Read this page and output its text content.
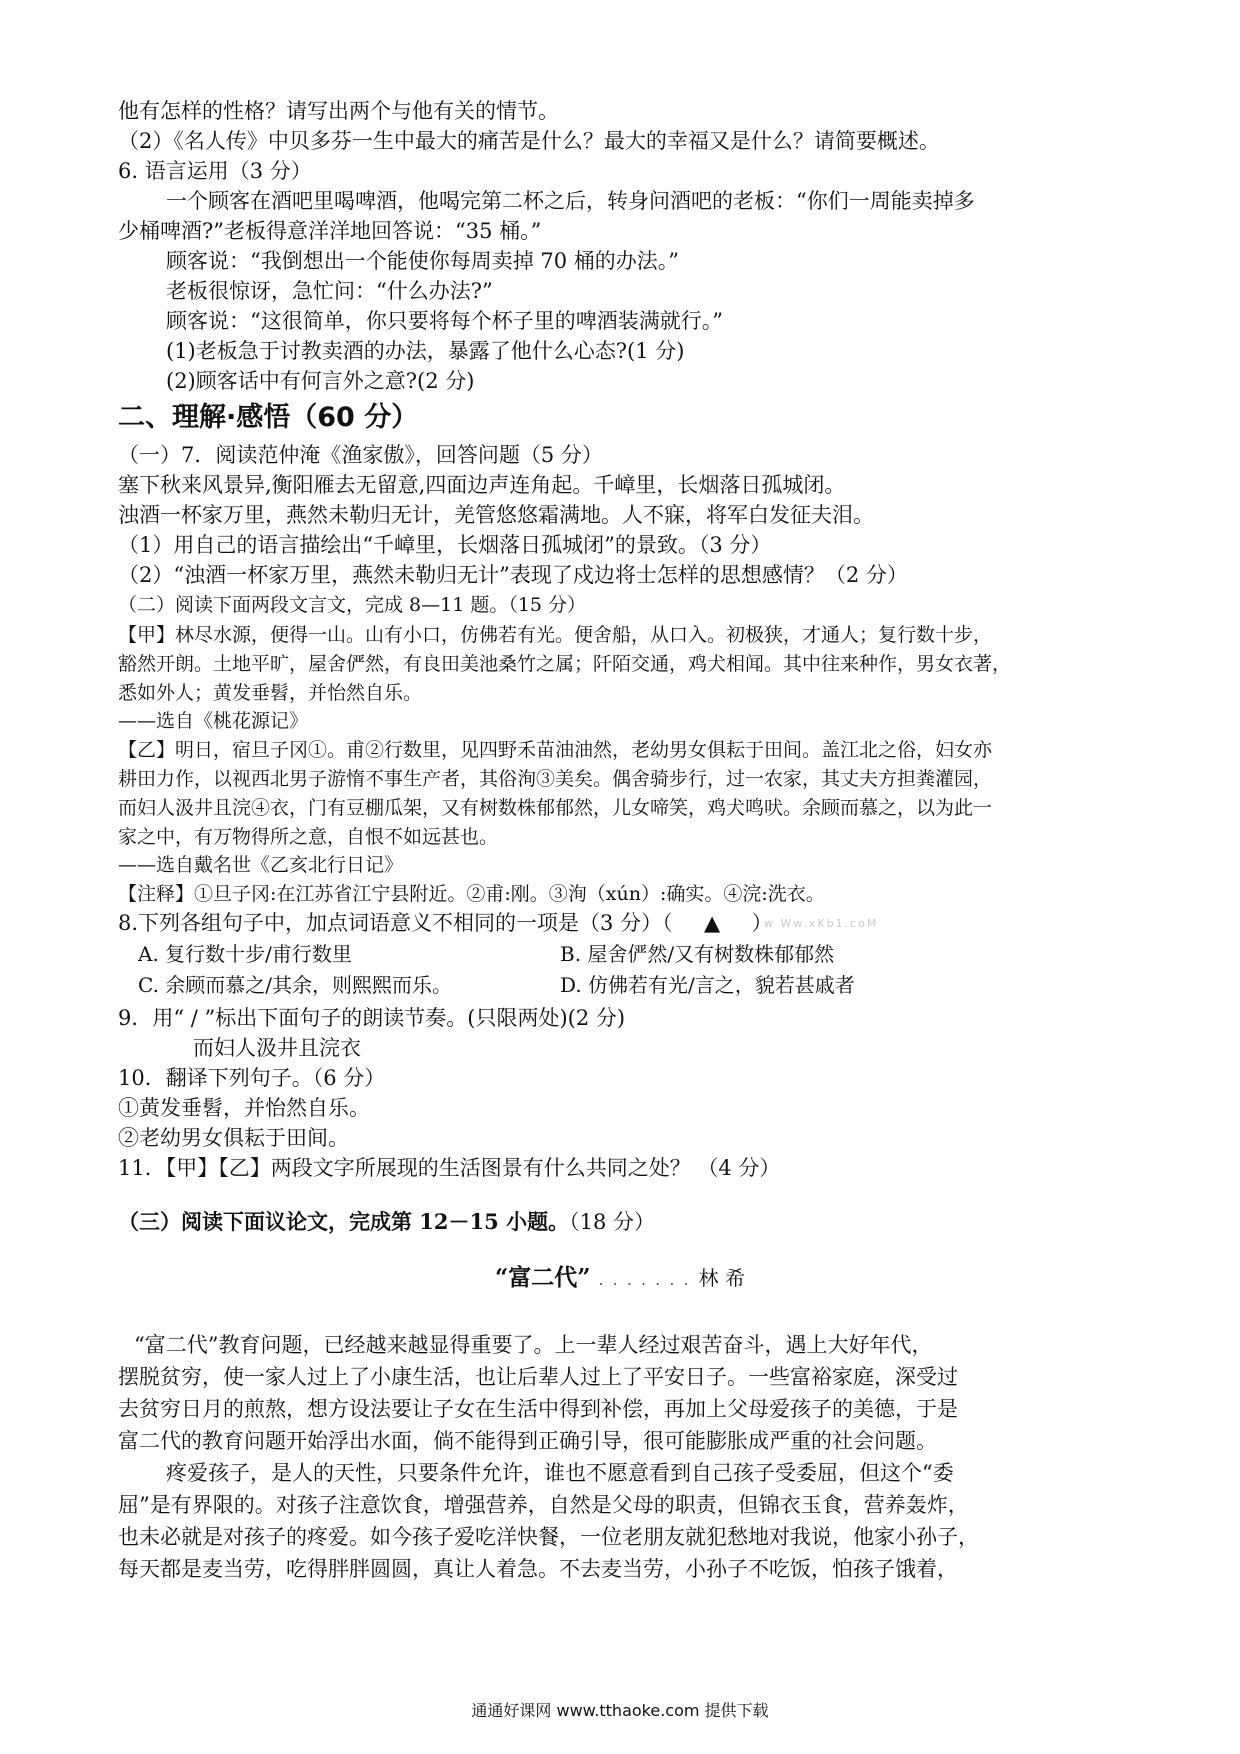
他有怎样的性格？请写出两个与他有关的情节。
（2）《名人传》中贝多芬一生中最大的痛苦是什么？最大的幸福又是什么？请简要概述。
6. 语言运用（3 分）
一个顾客在酒吧里喝啤酒，他喝完第二杯之后，转身问酒吧的老板：“你们一周能卖掉多
少桶啤酒?”老板得意洋洋地回答说：“35 桶。”
顾客说：“我倒想出一个能使你每周卖掉 70 桶的办法。”
老板很惊讶，急忙问：“什么办法?”
顾客说：“这很简单，你只要将每个杯子里的啤酒装满就行。”
(1)老板急于讨教卖酒的办法，暴露了他什么心态?(1 分)
(2)顾客话中有何言外之意?(2 分)
二、理解·感悟（60 分）
（一）7．阅读范仲淹《渔家傲》，回答问题（5 分）
塞下秋来风景异,衡阳雁去无留意,四面边声连角起。千嶂里，长烟落日孤城闭。
浊酒一杯家万里，燕然未勒归无计，羌管悠悠霜满地。人不寐，将军白发征夫泪。
（1）用自己的语言描绘出“千嶂里，长烟落日孤城闭”的景致。（3 分）
（2）“浊酒一杯家万里，燕然未勒归无计”表现了戍边将士怎样的思想感情？（2 分）
（二）阅读下面两段文言文，完成 8—11 题。（15 分）
【甲】林尽水源，便得一山。山有小口，仿佛若有光。便舍船，从口入。初极狭，才通人；复行数十步，
豁然开朗。土地平旷，屋舍俨然，有良田美池桑竹之属；阡陌交通，鸡犬相闻。其中往来种作，男女衣著，
悉如外人；黄发垂髫，并怡然自乐。
——选自《桃花源记》
【乙】明日，宿旦子冈①。甫②行数里，见四野禾苗油油然，老幼男女俱耘于田间。盖江北之俗，妇女亦
耕田力作，以视西北男子游惰不事生产者，其俗洵③美矣。偶舍骑步行，过一农家，其丈夫方担粪灌园，
而妇人汲井且浣④衣，门有豆棚瓜架，又有树数株郁郁然，儿女啼笑，鸡犬鸣吠。余顾而慕之，以为此一
家之中，有万物得所之意，自恨不如远甚也。
——选自戴名世《乙亥北行日记》
【注释】①旦子冈:在江苏省江宁县附近。②甫:刚。③洵（xún）:确实。④浣:洗衣。
8.下列各组句子中，加点词语意义不相同的一项是（3 分）（ ▲ ）
w Ww.xKb1.coM
A. 复行数十步/甫行数里	B. 屋舍俨然/又有树数株郁郁然
C. 余顾而慕之/其余，则熙熙而乐。	D. 仿佛若有光/言之，貌若甚戚者
9．用“ / ”标出下面句子的朗读节奏。(只限两处)(2 分)
而妇人汲井且浣衣
10．翻译下列句子。（6 分）
①黄发垂髫，并怡然自乐。
②老幼男女俱耘于田间。
11．【甲】【乙】两段文字所展现的生活图景有什么共同之处？ （4 分）
（三）阅读下面议论文，完成第 12－15 小题。（18 分）
“富二代” . . . . . . . 林 希
“富二代”教育问题，已经越来越显得重要了。上一辈人经过艰苦奋斗，遇上大好年代，
摆脱贫穷，使一家人过上了小康生活，也让后辈人过上了平安日子。一些富裕家庭，深受过
去贫穷日月的煎熬，想方设法要让子女在生活中得到补偿，再加上父母爱孩子的美德，于是
富二代的教育问题开始浮出水面，倘不能得到正确引导，很可能膨胀成严重的社会问题。
疼爱孩子，是人的天性，只要条件允许，谁也不愿意看到自己孩子受委屈，但这个“委
屈”是有界限的。对孩子注意饮食，增强营养，自然是父母的职责，但锦衣玉食，营养轰炸，
也未必就是对孩子的疼爱。如今孩子爱吃洋快餐，一位老朋友就犯愁地对我说，他家小孙子，
每天都是麦当劳，吃得胖胖圆圆，真让人着急。不去麦当劳，小孙子不吃饭，怕孩子饿着，
通通好课网 www.tthaoke.com 提供下载
